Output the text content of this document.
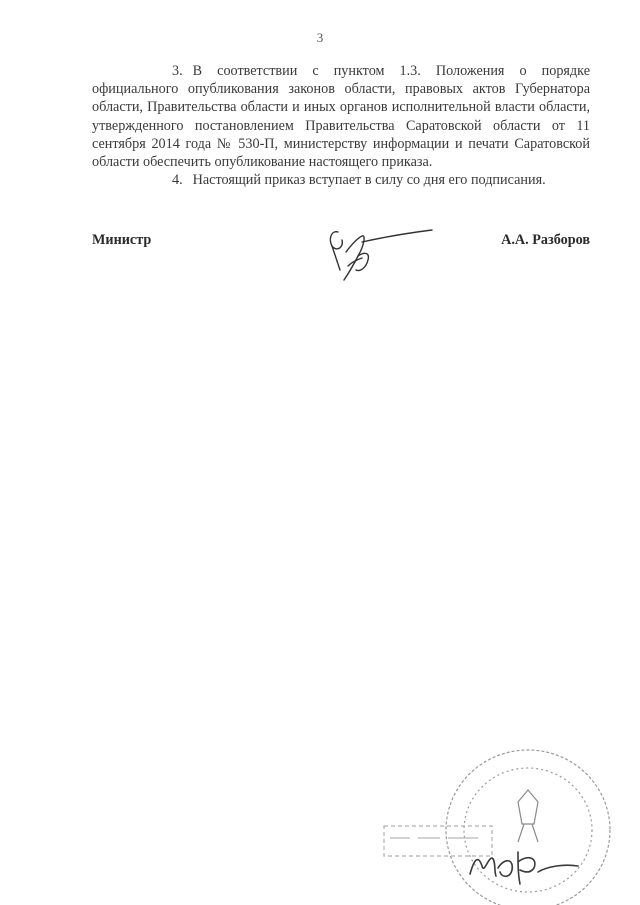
3

3. В соответствии с пунктом 1.3. Положения о порядке официального опубликования законов области, правовых актов Губернатора области, Правительства области и иных органов исполнительной власти области, утвержденного постановлением Правительства Саратовской области от 11 сентября 2014 года № 530-П, министерству информации и печати Саратовской области обеспечить опубликование настоящего приказа.

4. Настоящий приказ вступает в силу со дня его подписания.

Министр	А.А. Разборов
